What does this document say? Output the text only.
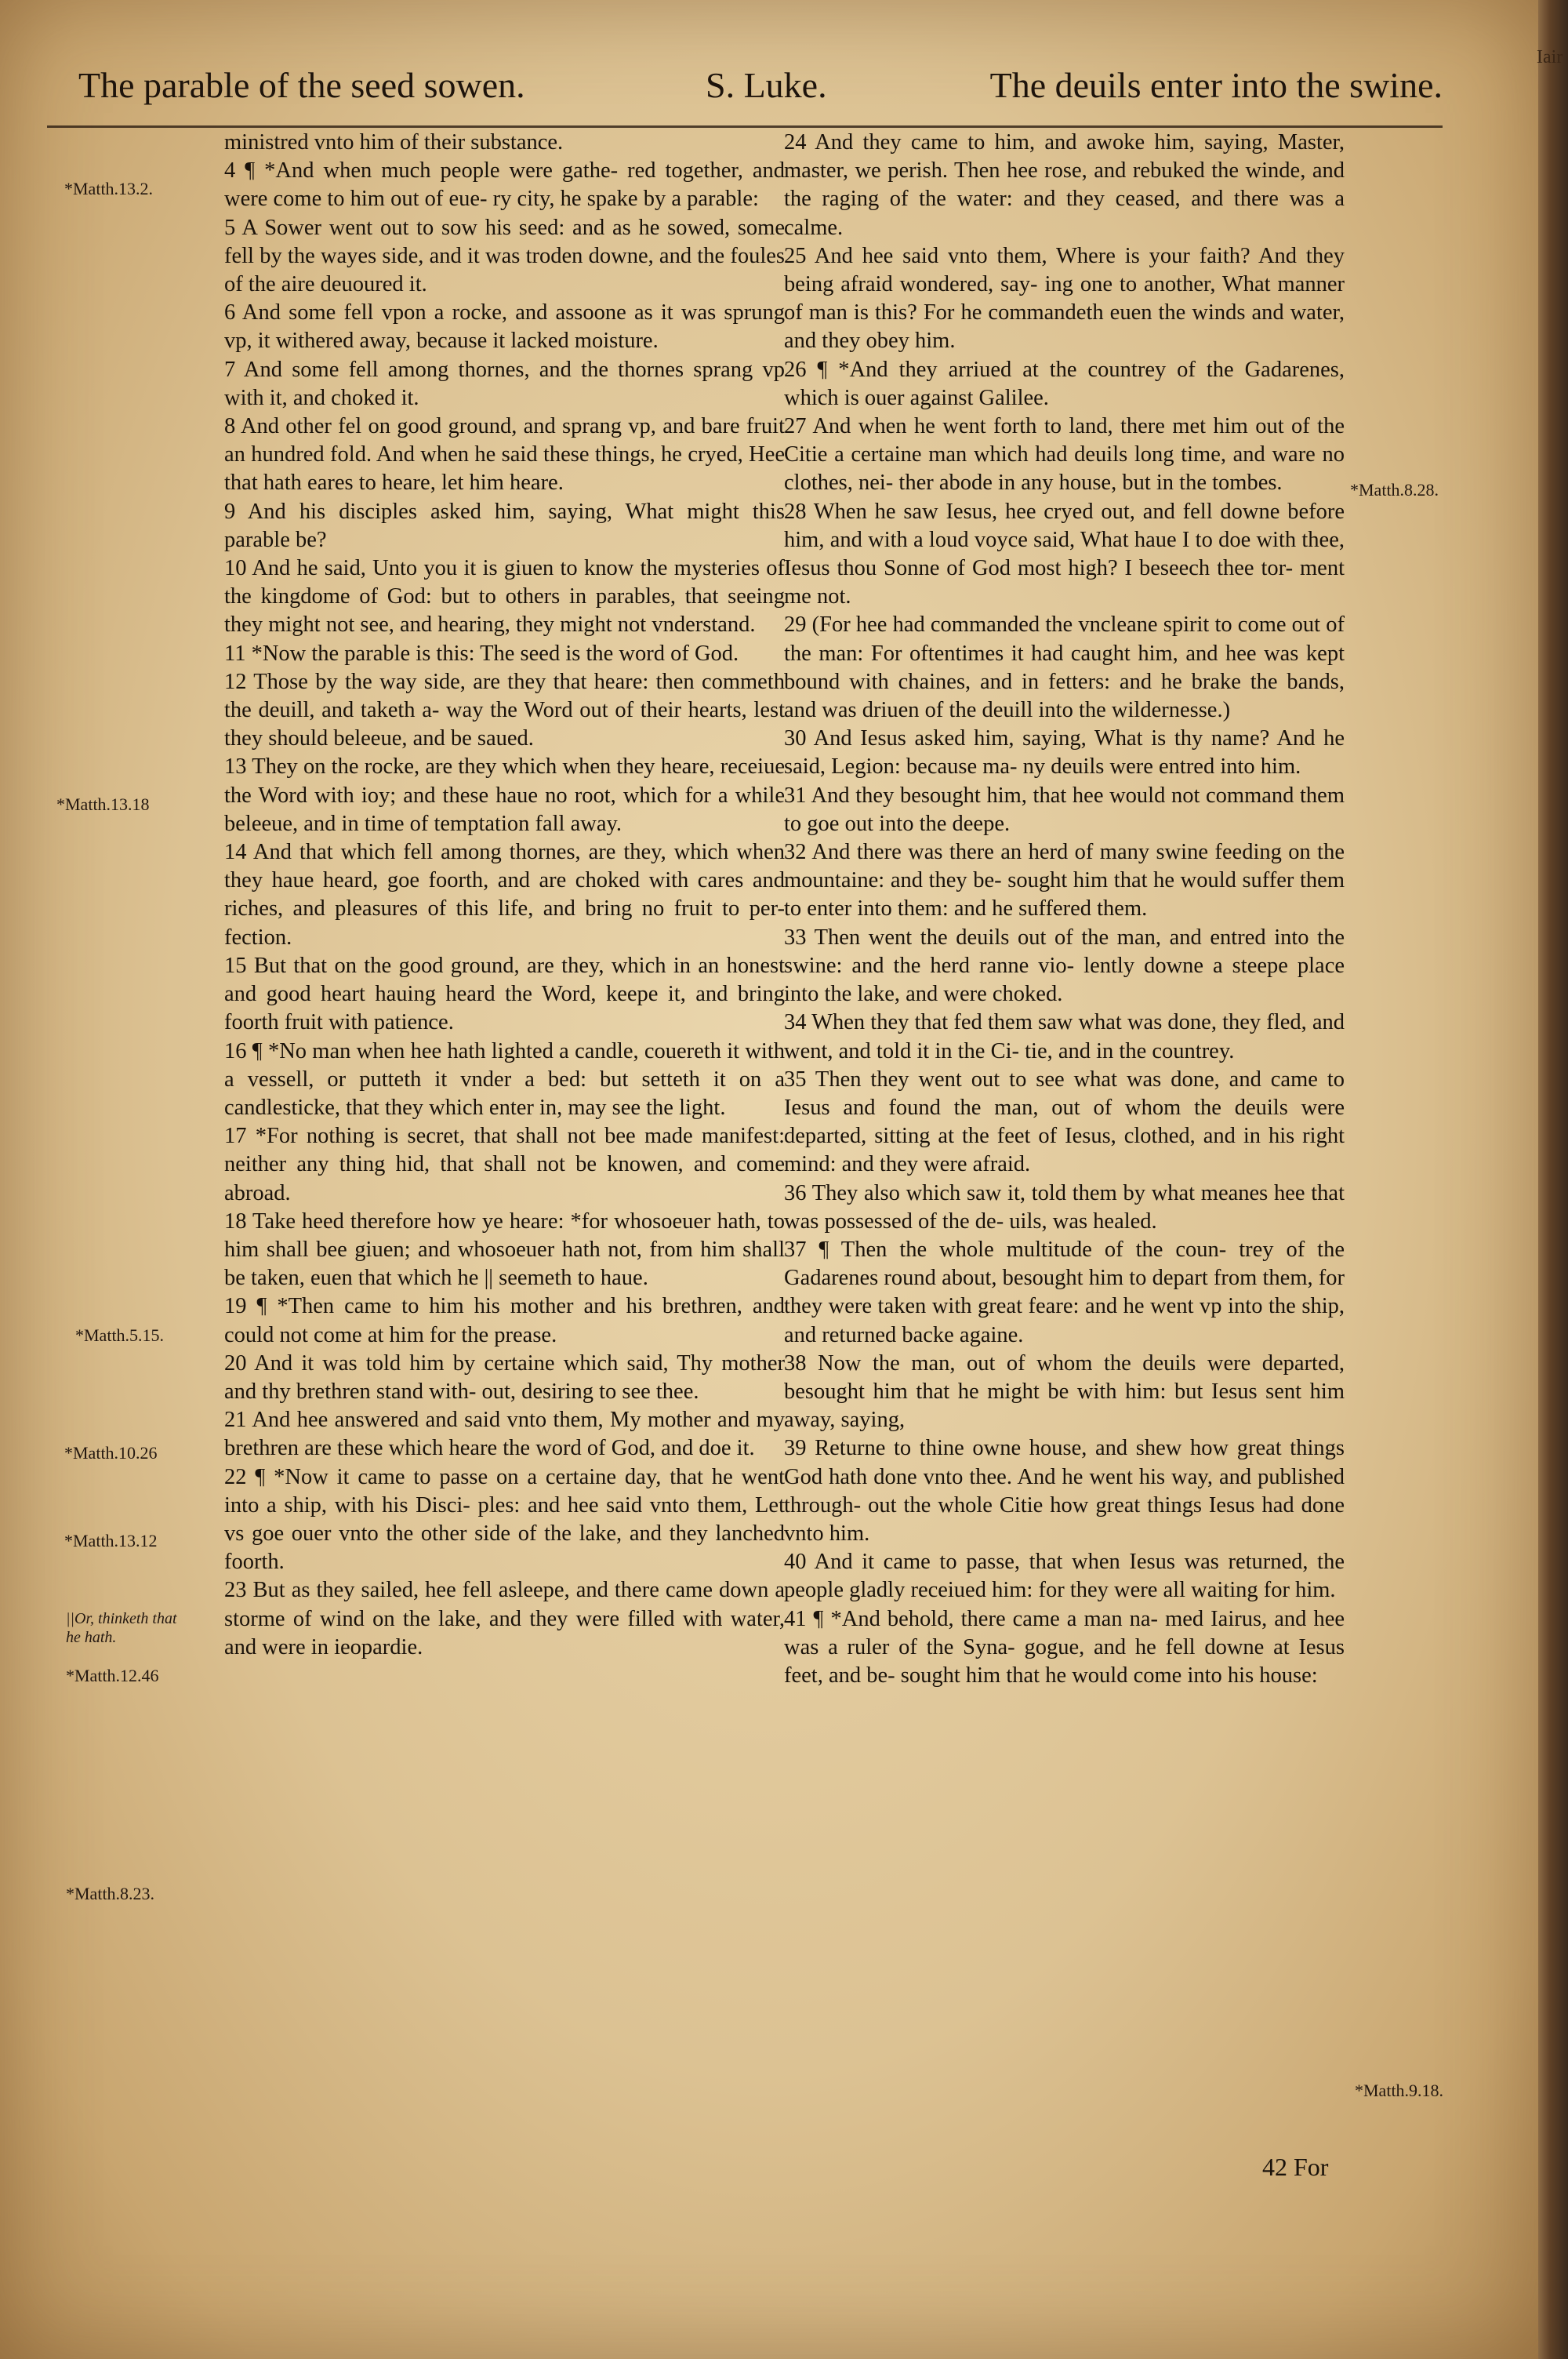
Iair
The parable of the seed sowen.	S. Luke.	The deuils enter into the swine.

ministred vnto him of their substance.

4 ¶ *And when much people were gathe- red together, and were come to him out of eue- ry city, he spake by a parable:

5 A Sower went out to sow his seed: and as he sowed, some fell by the wayes side, and it was troden downe, and the foules of the aire deuoured it.

6 And some fell vpon a rocke, and assoone as it was sprung vp, it withered away, because it lacked moisture.

7 And some fell among thornes, and the thornes sprang vp with it, and choked it.

8 And other fel on good ground, and sprang vp, and bare fruit an hundred fold. And when he said these things, he cryed, Hee that hath eares to heare, let him heare.

9 And his disciples asked him, saying, What might this parable be?

10 And he said, Unto you it is giuen to know the mysteries of the kingdome of God: but to others in parables, that seeing they might not see, and hearing, they might not vnderstand.

11 *Now the parable is this: The seed is the word of God.

12 Those by the way side, are they that heare: then commeth the deuill, and taketh a- way the Word out of their hearts, lest they should beleeue, and be saued.

13 They on the rocke, are they which when they heare, receiue the Word with ioy; and these haue no root, which for a while beleeue, and in time of temptation fall away.

14 And that which fell among thornes, are they, which when they haue heard, goe foorth, and are choked with cares and riches, and pleasures of this life, and bring no fruit to per- fection.

15 But that on the good ground, are they, which in an honest and good heart hauing heard the Word, keepe it, and bring foorth fruit with patience.

16 ¶ *No man when hee hath lighted a candle, couereth it with a vessell, or putteth it vnder a bed: but setteth it on a candlesticke, that they which enter in, may see the light.

17 *For nothing is secret, that shall not bee made manifest: neither any thing hid, that shall not be knowen, and come abroad.

18 Take heed therefore how ye heare: *for whosoeuer hath, to him shall bee giuen; and whosoeuer hath not, from him shall be taken, euen that which he || seemeth to haue.

19 ¶ *Then came to him his mother and his brethren, and could not come at him for the prease.

20 And it was told him by certaine which said, Thy mother and thy brethren stand with- out, desiring to see thee.

21 And hee answered and said vnto them, My mother and my brethren are these which heare the word of God, and doe it.

22 ¶ *Now it came to passe on a certaine day, that he went into a ship, with his Disci- ples: and hee said vnto them, Let vs goe ouer vnto the other side of the lake, and they lanched foorth.

23 But as they sailed, hee fell asleepe, and there came down a storme of wind on the lake, and they were filled with water, and were in ieopardie.

24 And they came to him, and awoke him, saying, Master, master, we perish. Then hee rose, and rebuked the winde, and the raging of the water: and they ceased, and there was a calme.

25 And hee said vnto them, Where is your faith? And they being afraid wondered, say- ing one to another, What manner of man is this? For he commandeth euen the winds and water, and they obey him.

26 ¶ *And they arriued at the countrey of the Gadarenes, which is ouer against Galilee.

27 And when he went forth to land, there met him out of the Citie a certaine man which had deuils long time, and ware no clothes, nei- ther abode in any house, but in the tombes.

28 When he saw Iesus, hee cryed out, and fell downe before him, and with a loud voyce said, What haue I to doe with thee, Iesus thou Sonne of God most high? I beseech thee tor- ment me not.

29 (For hee had commanded the vncleane spirit to come out of the man: For oftentimes it had caught him, and hee was kept bound with chaines, and in fetters: and he brake the bands, and was driuen of the deuill into the wildernesse.)

30 And Iesus asked him, saying, What is thy name? And he said, Legion: because ma- ny deuils were entred into him.

31 And they besought him, that hee would not command them to goe out into the deepe.

32 And there was there an herd of many swine feeding on the mountaine: and they be- sought him that he would suffer them to enter into them: and he suffered them.

33 Then went the deuils out of the man, and entred into the swine: and the herd ranne vio- lently downe a steepe place into the lake, and were choked.

34 When they that fed them saw what was done, they fled, and went, and told it in the Ci- tie, and in the countrey.

35 Then they went out to see what was done, and came to Iesus and found the man, out of whom the deuils were departed, sitting at the feet of Iesus, clothed, and in his right mind: and they were afraid.

36 They also which saw it, told them by what meanes hee that was possessed of the de- uils, was healed.

37 ¶ Then the whole multitude of the coun- trey of the Gadarenes round about, besought him to depart from them, for they were taken with great feare: and he went vp into the ship, and returned backe againe.

38 Now the man, out of whom the deuils were departed, besought him that he might be with him: but Iesus sent him away, saying,

39 Returne to thine owne house, and shew how great things God hath done vnto thee. And he went his way, and published through- out the whole Citie how great things Iesus had done vnto him.

40 And it came to passe, that when Iesus was returned, the people gladly receiued him: for they were all waiting for him.

41 ¶ *And behold, there came a man na- med Iairus, and hee was a ruler of the Syna- gogue, and he fell downe at Iesus feet, and be- sought him that he would come into his house:

*Matth.13.2.
*Matth.13.18
*Matth.5.15.
*Matth.10.26
*Matth.13.12
||Or, thinketh that he hath.
*Matth.12.46
*Matth.8.23.
*Matth.8.28.
*Matth.9.18.
42 For
